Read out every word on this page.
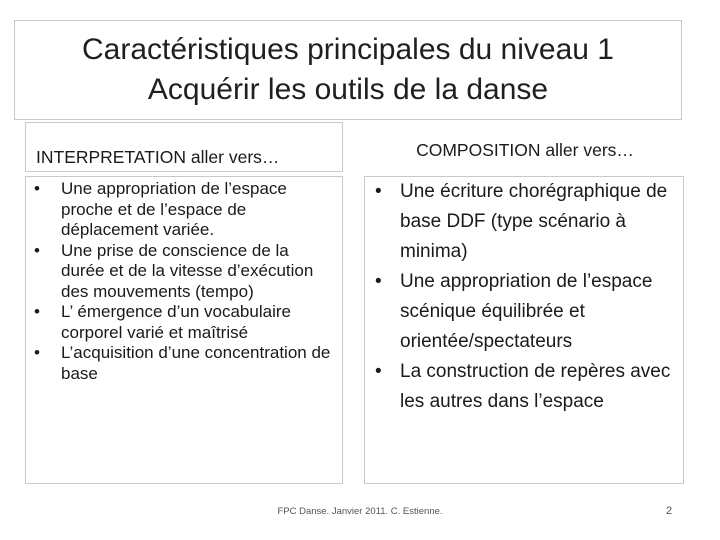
Caractéristiques principales du niveau 1
Acquérir les outils de la danse
INTERPRETATION aller vers…	COMPOSITION aller vers…
• Une appropriation de l’espace proche et de l’espace de déplacement variée.
• Une prise de conscience de la durée et de la vitesse d’exécution des mouvements (tempo)
• L’ émergence d’un vocabulaire corporel varié et maîtrisé
• L’acquisition d’une concentration de base
• Une écriture chorégraphique de base DDF (type scénario à minima)
• Une appropriation de l’espace scénique équilibrée et orientée/spectateurs
• La construction de repères avec les autres dans l’espace
FPC Danse. Janvier 2011. C. Estienne.	2
